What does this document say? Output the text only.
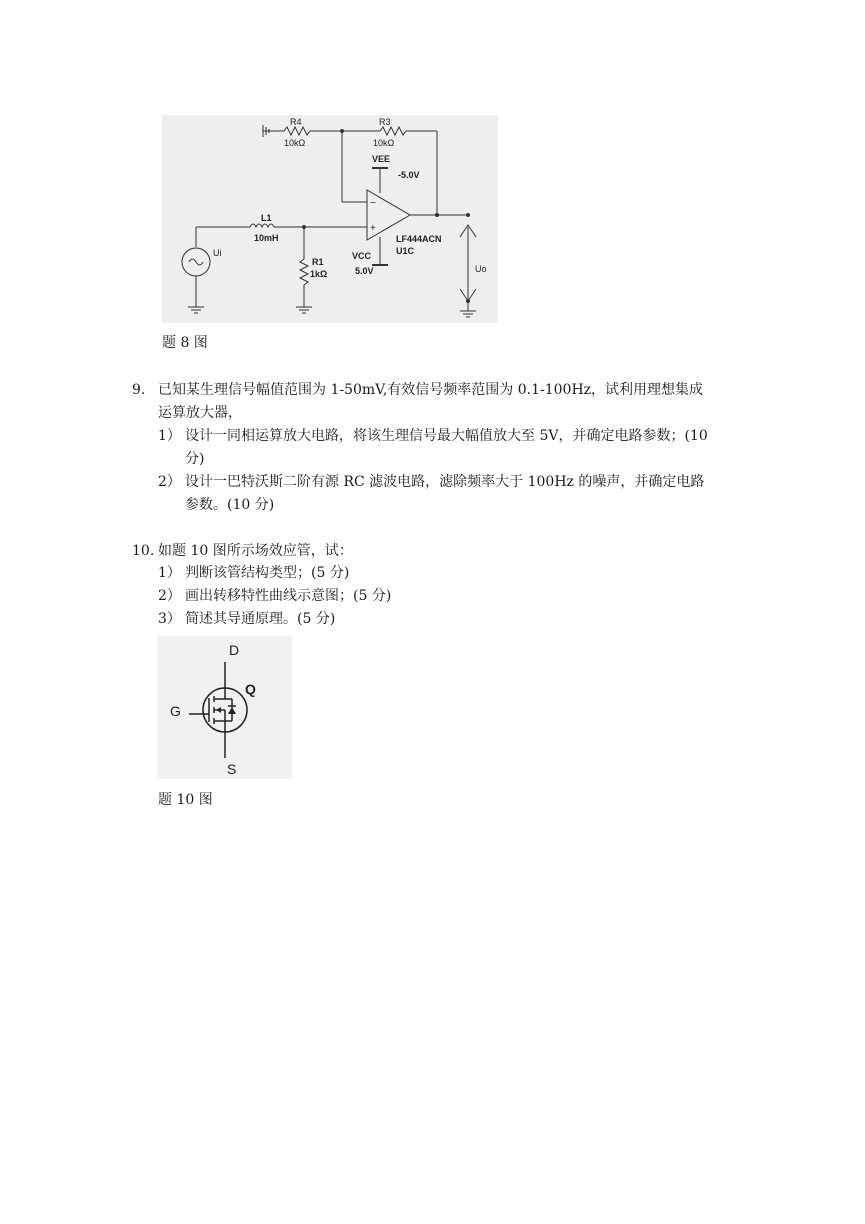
R4
10kΩ
R3
10kΩ
VEE
-5.0V
−
+
L1
10mH
Ui
R1
1kΩ
VCC
5.0V
LF444ACN
U1C
Uo
题 8 图
9. 已知某生理信号幅值范围为 1-50mV,有效信号频率范围为 0.1-100Hz，试利用理想集成
运算放大器，
1） 设计一同相运算放大电路，将该生理信号最大幅值放大至 5V，并确定电路参数；(10
分)
2） 设计一巴特沃斯二阶有源 RC 滤波电路，滤除频率大于 100Hz 的噪声，并确定电路
参数。(10 分)
10. 如题 10 图所示场效应管，试：
1） 判断该管结构类型；(5 分)
2） 画出转移特性曲线示意图；(5 分)
3） 简述其导通原理。(5 分)
D
G
Q
S
题 10 图
